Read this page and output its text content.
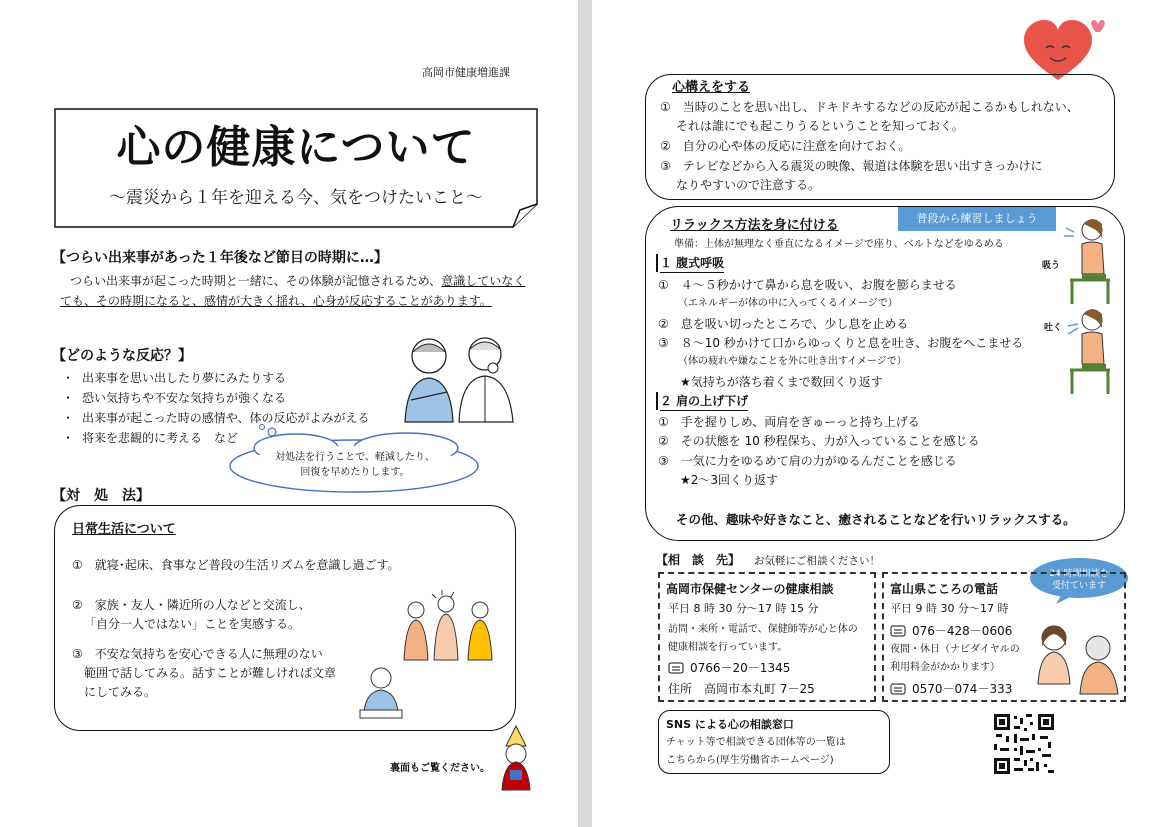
高岡市健康増進課
心の健康について
～震災から１年を迎える今、気をつけたいこと～
【つらい出来事があった１年後など節目の時期に…】
つらい出来事が起こった時期と一緒に、その体験が記憶されるため、意識していなく
ても、その時期になると、感情が大きく揺れ、心身が反応することがあります。
【どのような反応？】
・ 出来事を思い出したり夢にみたりする
・ 恐い気持ちや不安な気持ちが強くなる
・ 出来事が起こった時の感情や、体の反応がよみがえる
・ 将来を悲観的に考える　など
対処法を行うことで、軽減したり、
回復を早めたりします。
【対　処　法】
日常生活について
①　就寝･起床、食事など普段の生活リズムを意識し過ごす。
②　家族・友人・隣近所の人などと交流し、
「自分一人ではない」ことを実感する。
③　不安な気持ちを安心できる人に無理のない
範囲で話してみる。話すことが難しければ文章
にしてみる。
裏面もご覧ください。
心構えをする
①　当時のことを思い出し、ドキドキするなどの反応が起こるかもしれない、
それは誰にでも起こりうるということを知っておく。
②　自分の心や体の反応に注意を向けておく。
③　テレビなどから入る震災の映像、報道は体験を思い出すきっかけに
なりやすいので注意する。
リラックス方法を身に付ける	普段から練習しましょう
準備：上体が無理なく垂直になるイメージで座り、ベルトなどをゆるめる
１ 腹式呼吸
①　４～５秒かけて鼻から息を吸い、お腹を膨らませる
（エネルギーが体の中に入ってくるイメージで）
②　息を吸い切ったところで、少し息を止める
③　８～10 秒かけて口からゆっくりと息を吐き、お腹をへこませる
（体の疲れや嫌なことを外に吐き出すイメージで）
★気持ちが落ち着くまで数回くり返す
吸う
吐く
２ 肩の上げ下げ
①　手を握りしめ、両肩をぎゅーっと持ち上げる
②　その状態を 10 秒程保ち、力が入っていることを感じる
③　一気に力をゆるめて肩の力がゆるんだことを感じる
★2～3回くり返す
その他、趣味や好きなこと、癒されることなどを行いリラックスする。
【相　談　先】 お気軽にご相談ください！
24 時間相談を
受付ています
高岡市保健センターの健康相談
平日 8 時 30 分～17 時 15 分
訪問・来所・電話で、保健師等が心と体の
健康相談を行っています。
0766－20－1345
住所　高岡市本丸町 7－25
富山県こころの電話
平日 9 時 30 分～17 時
076－428－0606
夜間・休日（ナビダイヤルの
利用料金がかかります）
0570－074－333
SNS による心の相談窓口
チャット等で相談できる団体等の一覧は
こちらから(厚生労働省ホームページ)
